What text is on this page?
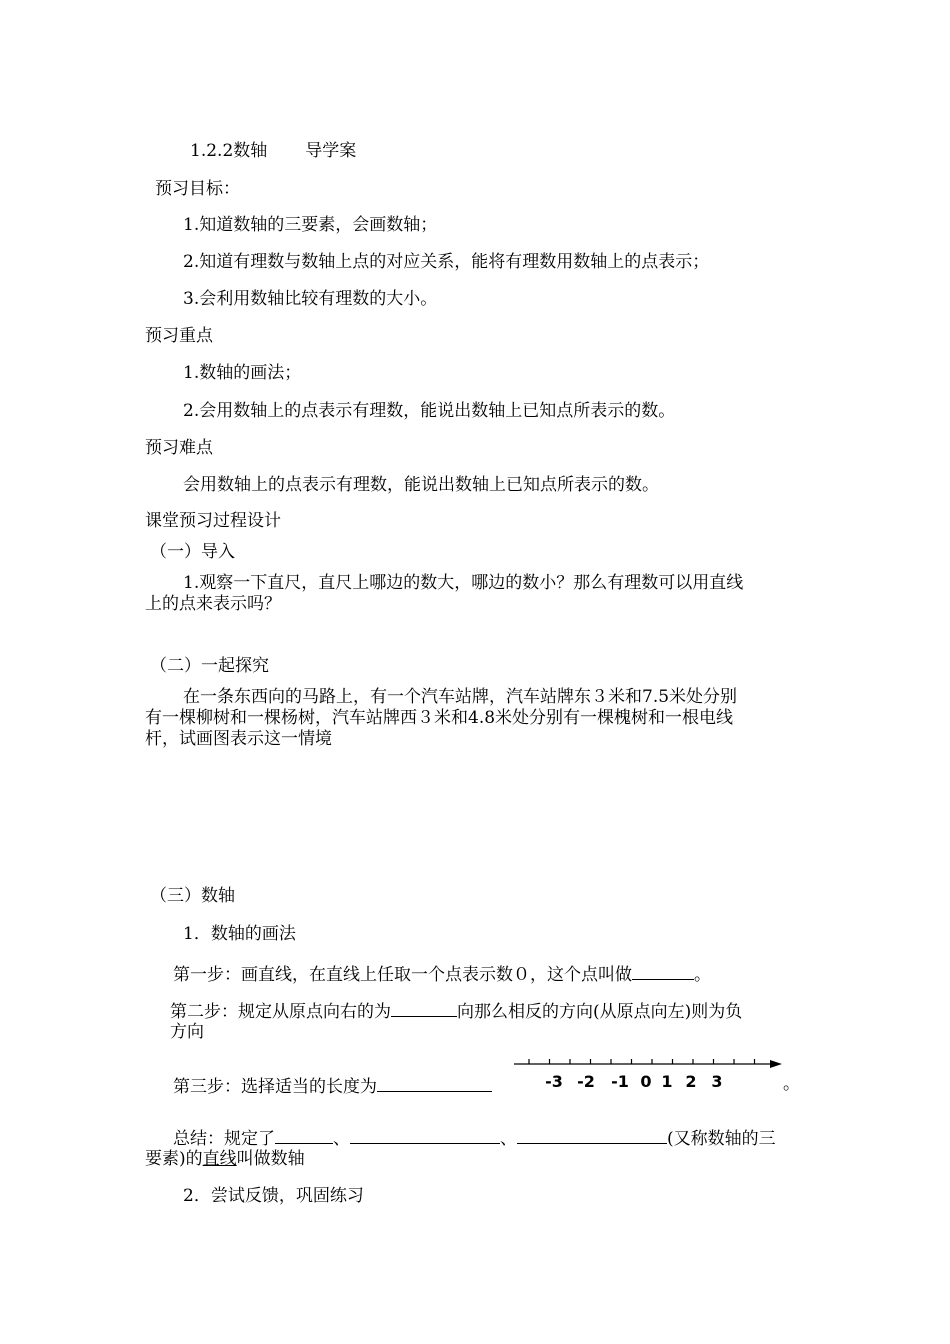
1.2.2数轴 导学案
预习目标：
1.知道数轴的三要素，会画数轴；
2.知道有理数与数轴上点的对应关系，能将有理数用数轴上的点表示；
3.会利用数轴比较有理数的大小。
预习重点
1.数轴的画法；
2.会用数轴上的点表示有理数，能说出数轴上已知点所表示的数。
预习难点
会用数轴上的点表示有理数，能说出数轴上已知点所表示的数。
课堂预习过程设计
（一）导入
1.观察一下直尺，直尺上哪边的数大，哪边的数小？那么有理数可以用直线
上的点来表示吗？
（二）一起探究
在一条东西向的马路上，有一个汽车站牌，汽车站牌东３米和7.5米处分别
有一棵柳树和一棵杨树，汽车站牌西３米和4.8米处分别有一棵槐树和一根电线
杆，试画图表示这一情境
（三）数轴
1．数轴的画法
第一步：画直线，在直线上任取一个点表示数０，这个点叫做	。
第二步：规定从原点向右的为	向那么相反的方向(从原点向左)则为负
方向
第三步：选择适当的长度为	-3 -2 -1 0 1 2 3	。
总结：规定了	、	、	(又称数轴的三
要素)的直线叫做数轴
2．尝试反馈，巩固练习
